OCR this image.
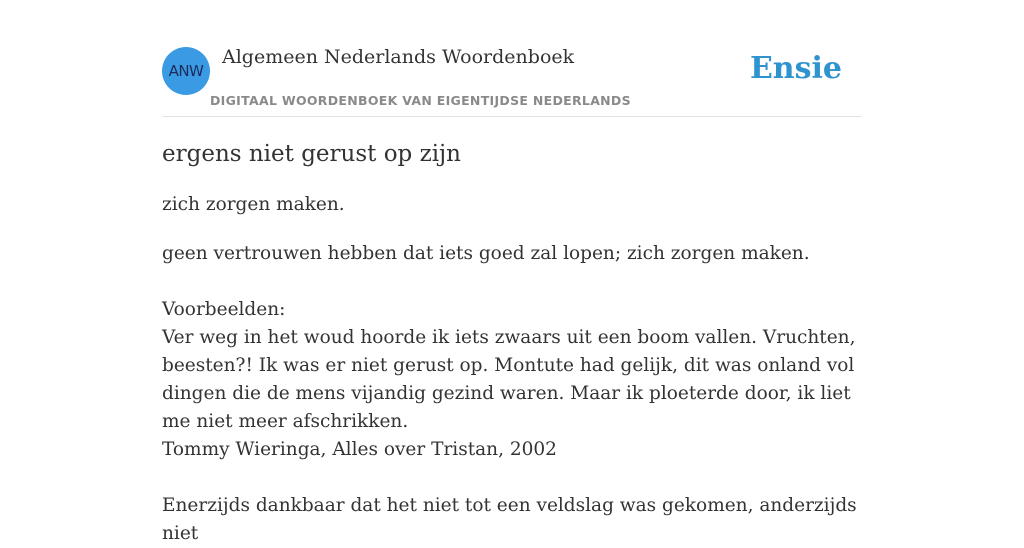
ANW
Algemeen Nederlands Woordenboek
DIGITAAL WOORDENBOEK VAN EIGENTIJDSE NEDERLANDS
Ensie
ergens niet gerust op zijn
zich zorgen maken.

geen vertrouwen hebben dat iets goed zal lopen; zich zorgen maken.

Voorbeelden:

Ver weg in het woud hoorde ik iets zwaars uit een boom vallen. Vruchten, beesten?! Ik was er niet gerust op. Montute had gelijk, dit was onland vol dingen die de mens vijandig gezind waren. Maar ik ploeterde door, ik liet me niet meer afschrikken.

Tommy Wieringa, Alles over Tristan, 2002

Enerzijds dankbaar dat het niet tot een veldslag was gekomen, anderzijds niet
